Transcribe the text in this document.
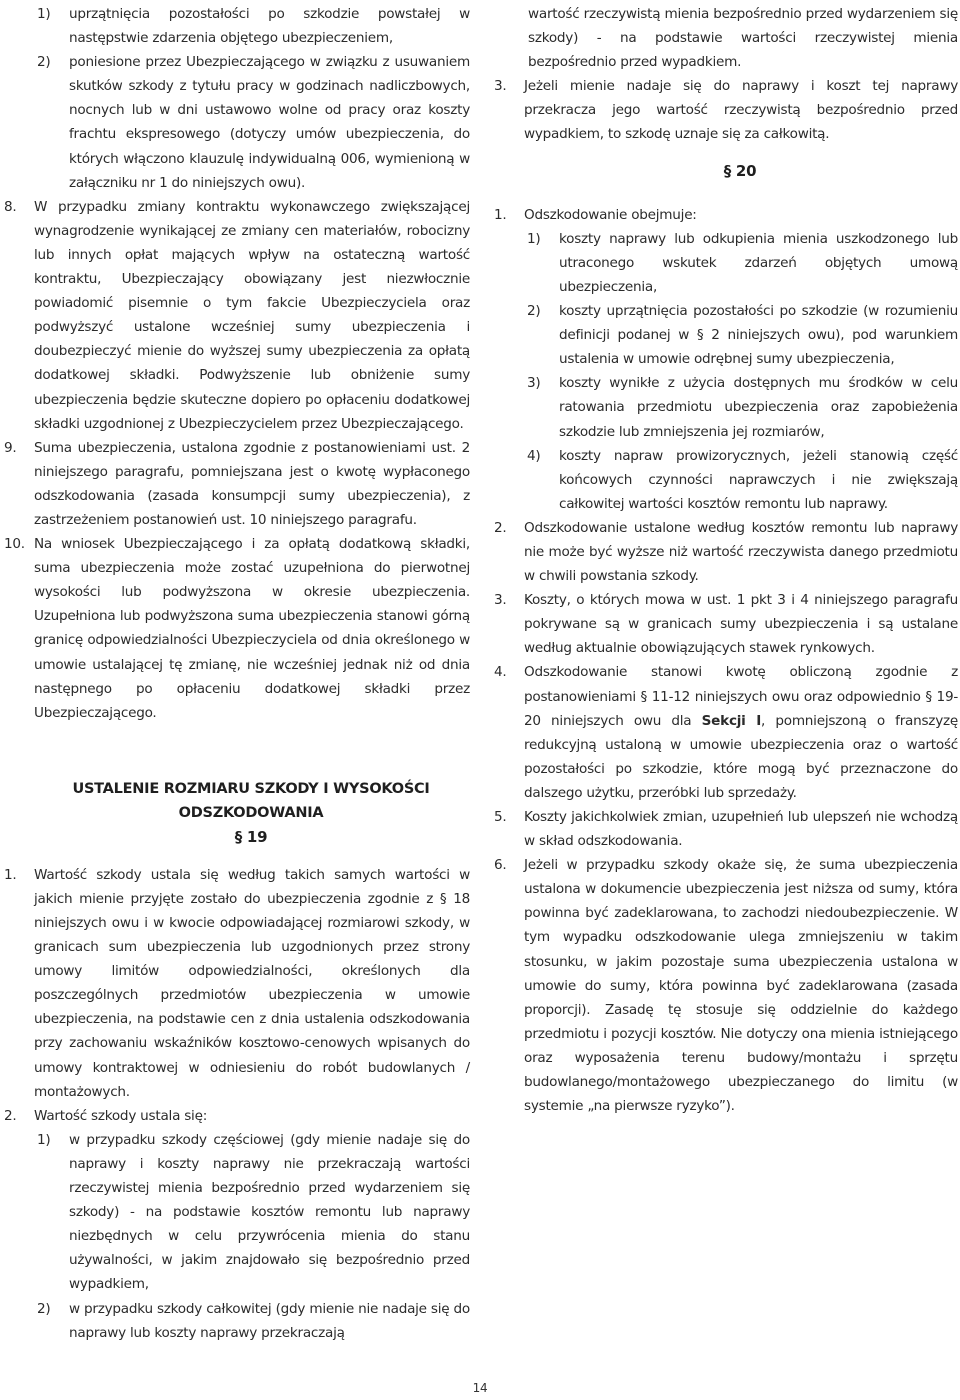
1) uprzątnięcia pozostałości po szkodzie powstałej w następstwie zdarzenia objętego ubezpieczeniem,
2) poniesione przez Ubezpieczającego w związku z usuwaniem skutków szkody z tytułu pracy w godzinach nadliczbowych, nocnych lub w dni ustawowo wolne od pracy oraz koszty frachtu ekspresowego (dotyczy umów ubezpieczenia, do których włączono klauzulę indywidualną 006, wymienioną w załączniku nr 1 do niniejszych owu).
8. W przypadku zmiany kontraktu wykonawczego zwiększającej wynagrodzenie wynikającej ze zmiany cen materiałów, robocizny lub innych opłat mających wpływ na ostateczną wartość kontraktu, Ubezpieczający obowiązany jest niezwłocznie powiadomić pisemnie o tym fakcie Ubezpieczyciela oraz podwyższyć ustalone wcześniej sumy ubezpieczenia i doubezpieczyć mienie do wyższej sumy ubezpieczenia za opłatą dodatkowej składki. Podwyższenie lub obniżenie sumy ubezpieczenia będzie skuteczne dopiero po opłaceniu dodatkowej składki uzgodnionej z Ubezpieczycielem przez Ubezpieczającego.
9. Suma ubezpieczenia, ustalona zgodnie z postanowieniami ust. 2 niniejszego paragrafu, pomniejszana jest o kwotę wypłaconego odszkodowania (zasada konsumpcji sumy ubezpieczenia), z zastrzeżeniem postanowień ust. 10 niniejszego paragrafu.
10. Na wniosek Ubezpieczającego i za opłatą dodatkową składki, suma ubezpieczenia może zostać uzupełniona do pierwotnej wysokości lub podwyższona w okresie ubezpieczenia. Uzupełniona lub podwyższona suma ubezpieczenia stanowi górną granicę odpowiedzialności Ubezpieczyciela od dnia określonego w umowie ustalającej tę zmianę, nie wcześniej jednak niż od dnia następnego po opłaceniu dodatkowej składki przez Ubezpieczającego.
USTALENIE ROZMIARU SZKODY I WYSOKOŚCI
ODSZKODOWANIA
§ 19
1. Wartość szkody ustala się według takich samych wartości w jakich mienie przyjęte zostało do ubezpieczenia zgodnie z § 18 niniejszych owu i w kwocie odpowiadającej rozmiarowi szkody, w granicach sum ubezpieczenia lub uzgodnionych przez strony umowy limitów odpowiedzialności, określonych dla poszczególnych przedmiotów ubezpieczenia w umowie ubezpieczenia, na podstawie cen z dnia ustalenia odszkodowania przy zachowaniu wskaźników kosztowo-cenowych wpisanych do umowy kontraktowej w odniesieniu do robót budowlanych / montażowych.
2. Wartość szkody ustala się:
1) w przypadku szkody częściowej (gdy mienie nadaje się do naprawy i koszty naprawy nie przekraczają wartości rzeczywistej mienia bezpośrednio przed wydarzeniem się szkody) - na podstawie kosztów remontu lub naprawy niezbędnych w celu przywrócenia mienia do stanu używalności, w jakim znajdowało się bezpośrednio przed wypadkiem,
2) w przypadku szkody całkowitej (gdy mienie nie nadaje się do naprawy lub koszty naprawy przekraczają
wartość rzeczywistą mienia bezpośrednio przed wydarzeniem się szkody) - na podstawie wartości rzeczywistej mienia bezpośrednio przed wypadkiem.
3. Jeżeli mienie nadaje się do naprawy i koszt tej naprawy przekracza jego wartość rzeczywistą bezpośrednio przed wypadkiem, to szkodę uznaje się za całkowitą.
§ 20
1. Odszkodowanie obejmuje:
1) koszty naprawy lub odkupienia mienia uszkodzonego lub utraconego wskutek zdarzeń objętych umową ubezpieczenia,
2) koszty uprzątnięcia pozostałości po szkodzie (w rozumieniu definicji podanej w § 2 niniejszych owu), pod warunkiem ustalenia w umowie odrębnej sumy ubezpieczenia,
3) koszty wynikłe z użycia dostępnych mu środków w celu ratowania przedmiotu ubezpieczenia oraz zapobieżenia szkodzie lub zmniejszenia jej rozmiarów,
4) koszty napraw prowizorycznych, jeżeli stanowią część końcowych czynności naprawczych i nie zwiększają całkowitej wartości kosztów remontu lub naprawy.
2. Odszkodowanie ustalone według kosztów remontu lub naprawy nie może być wyższe niż wartość rzeczywista danego przedmiotu w chwili powstania szkody.
3. Koszty, o których mowa w ust. 1 pkt 3 i 4 niniejszego paragrafu pokrywane są w granicach sumy ubezpieczenia i są ustalane według aktualnie obowiązujących stawek rynkowych.
4. Odszkodowanie stanowi kwotę obliczoną zgodnie z postanowieniami § 11-12 niniejszych owu oraz odpowiednio § 19-20 niniejszych owu dla Sekcji I, pomniejszoną o franszyzę redukcyjną ustaloną w umowie ubezpieczenia oraz o wartość pozostałości po szkodzie, które mogą być przeznaczone do dalszego użytku, przeróbki lub sprzedaży.
5. Koszty jakichkolwiek zmian, uzupełnień lub ulepszeń nie wchodzą w skład odszkodowania.
6. Jeżeli w przypadku szkody okaże się, że suma ubezpieczenia ustalona w dokumencie ubezpieczenia jest niższa od sumy, która powinna być zadeklarowana, to zachodzi niedoubezpieczenie. W tym wypadku odszkodowanie ulega zmniejszeniu w takim stosunku, w jakim pozostaje suma ubezpieczenia ustalona w umowie do sumy, która powinna być zadeklarowana (zasada proporcji). Zasadę tę stosuje się oddzielnie do każdego przedmiotu i pozycji kosztów. Nie dotyczy ona mienia istniejącego oraz wyposażenia terenu budowy/montażu i sprzętu budowlanego/montażowego ubezpieczanego do limitu (w systemie „na pierwsze ryzyko”).
14
